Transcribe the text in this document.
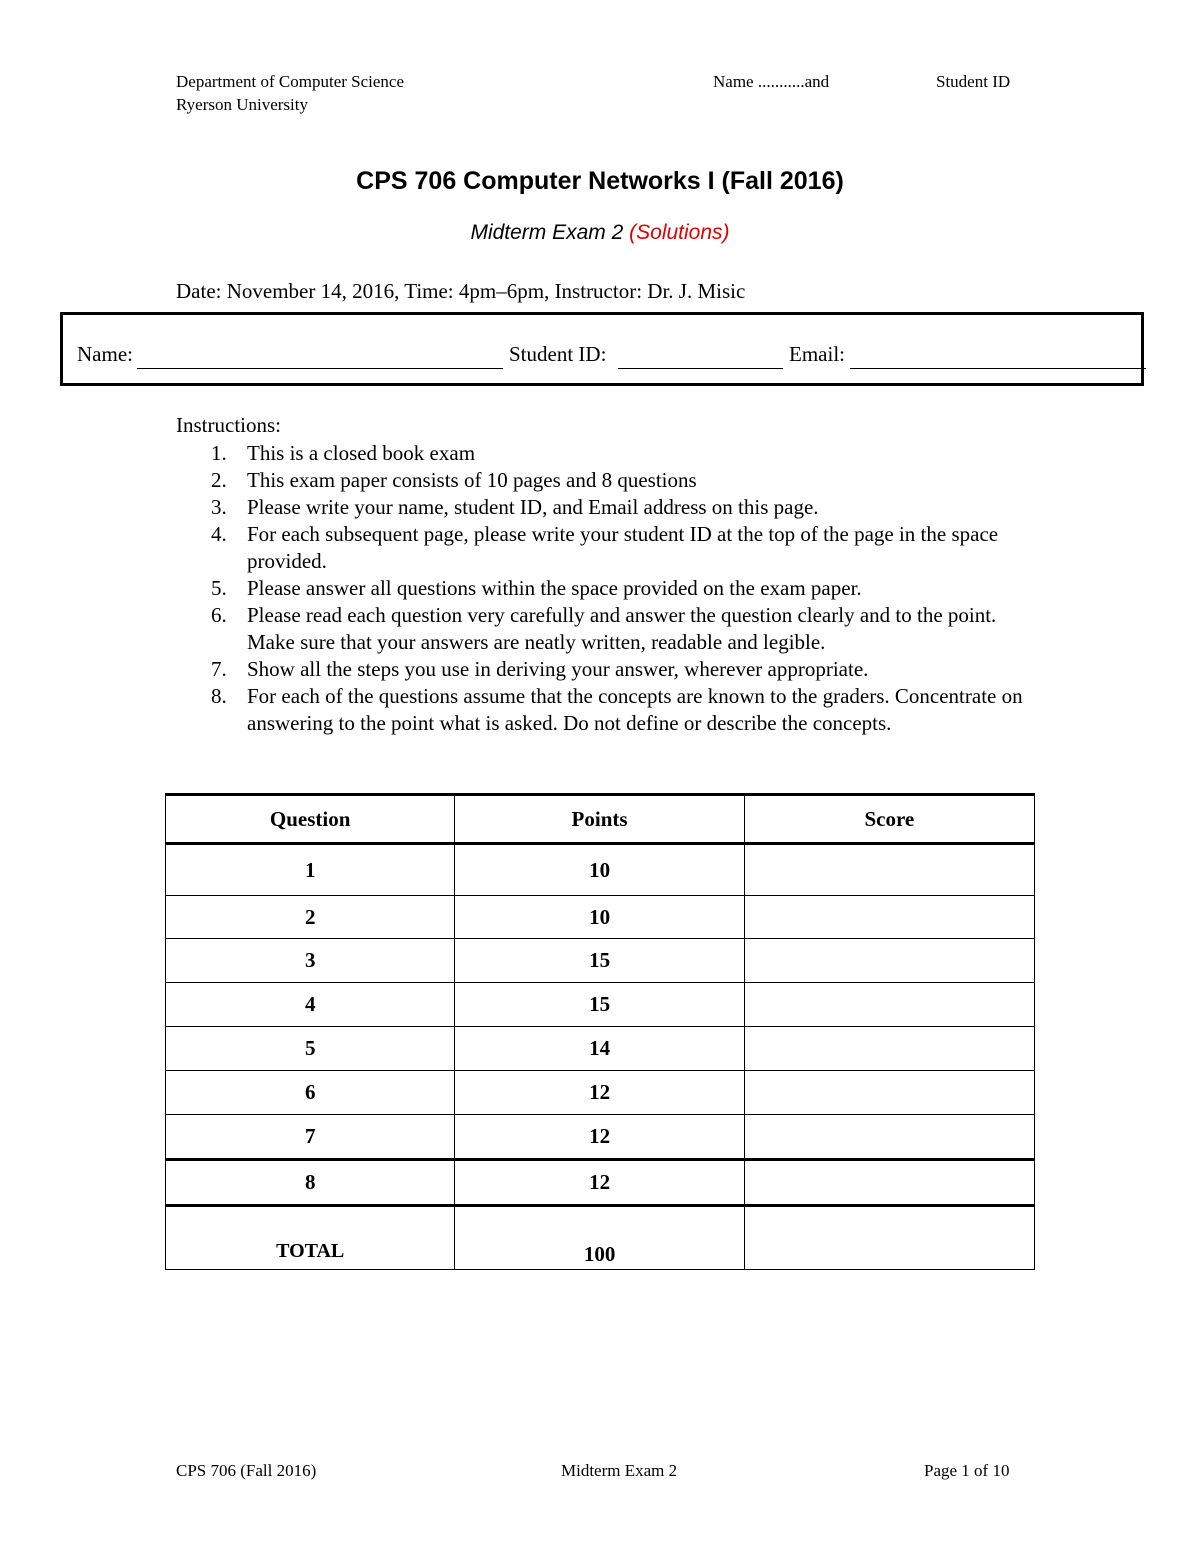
Department of Computer Science
Ryerson University
Name ...........and	Student ID
CPS 706 Computer Networks I (Fall 2016)
Midterm Exam 2 (Solutions)
Date: November 14, 2016, Time: 4pm–6pm, Instructor: Dr. J. Misic
Name:	Student ID:	Email:
Instructions:
1. This is a closed book exam
2. This exam paper consists of 10 pages and 8 questions
3. Please write your name, student ID, and Email address on this page.
4. For each subsequent page, please write your student ID at the top of the page in the space provided.
5. Please answer all questions within the space provided on the exam paper.
6. Please read each question very carefully and answer the question clearly and to the point. Make sure that your answers are neatly written, readable and legible.
7. Show all the steps you use in deriving your answer, wherever appropriate.
8. For each of the questions assume that the concepts are known to the graders. Concentrate on answering to the point what is asked. Do not define or describe the concepts.
Question	Points	Score
1	10	
2	10	
3	15	
4	15	
5	14	
6	12	
7	12	
8	12	
TOTAL	100	
CPS 706 (Fall 2016)	Midterm Exam 2	Page 1 of 10
